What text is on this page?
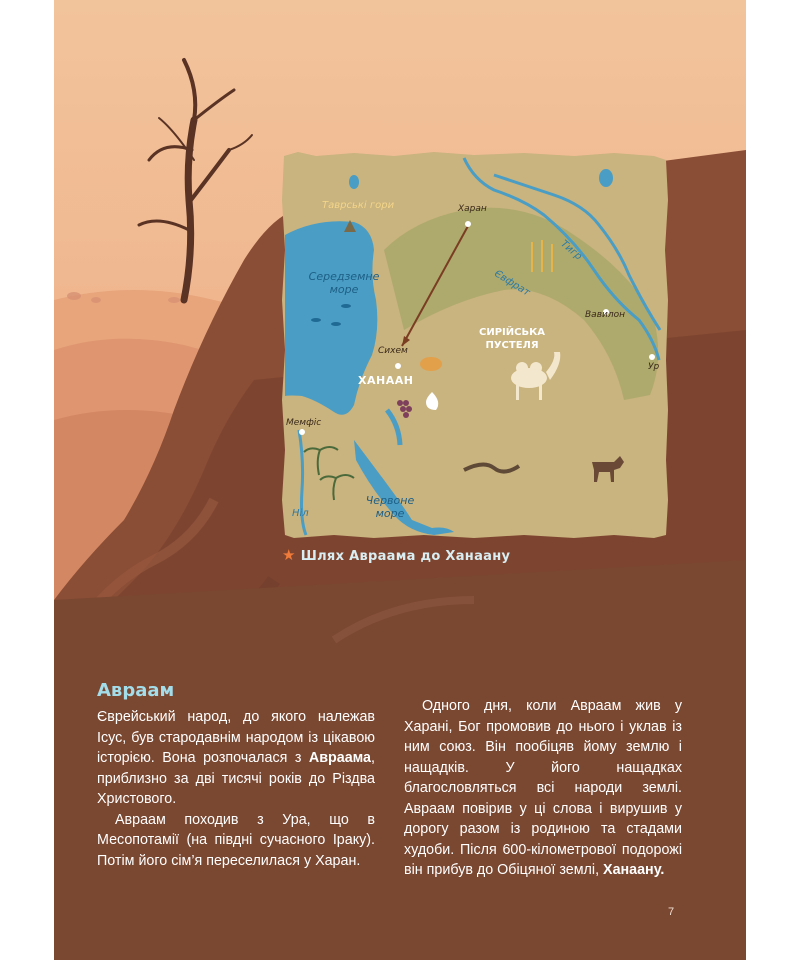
Таврські гори
Середземне море
Харан
Тигр
Євфрат
Вавилон
Ур
СИРІЙСЬКА ПУСТЕЛЯ
Сихем
ХАНААН
Мемфіс
Ніл
Червоне море
★ Шлях Авраама до Ханаану
Авраам

Єврейський народ, до якого належав Ісус, був стародавнім народом із цікавою історією. Вона розпочалася з Авраама, приблизно за дві тисячі років до Різдва Христового.

Авраам походив з Ура, що в Месопотамії (на півдні сучасного Іраку). Потім його сім’я переселилася у Харан.

Одного дня, коли Авраам жив у Харані, Бог промовив до нього і уклав із ним союз. Він пообіцяв йому землю і нащадків. У його нащадках благословляться всі народи землі. Авраам повірив у ці слова і вирушив у дорогу разом із родиною та стадами худоби. Після 600-кілометрової подорожі він прибув до Обіцяної землі, Ханаану.

7
